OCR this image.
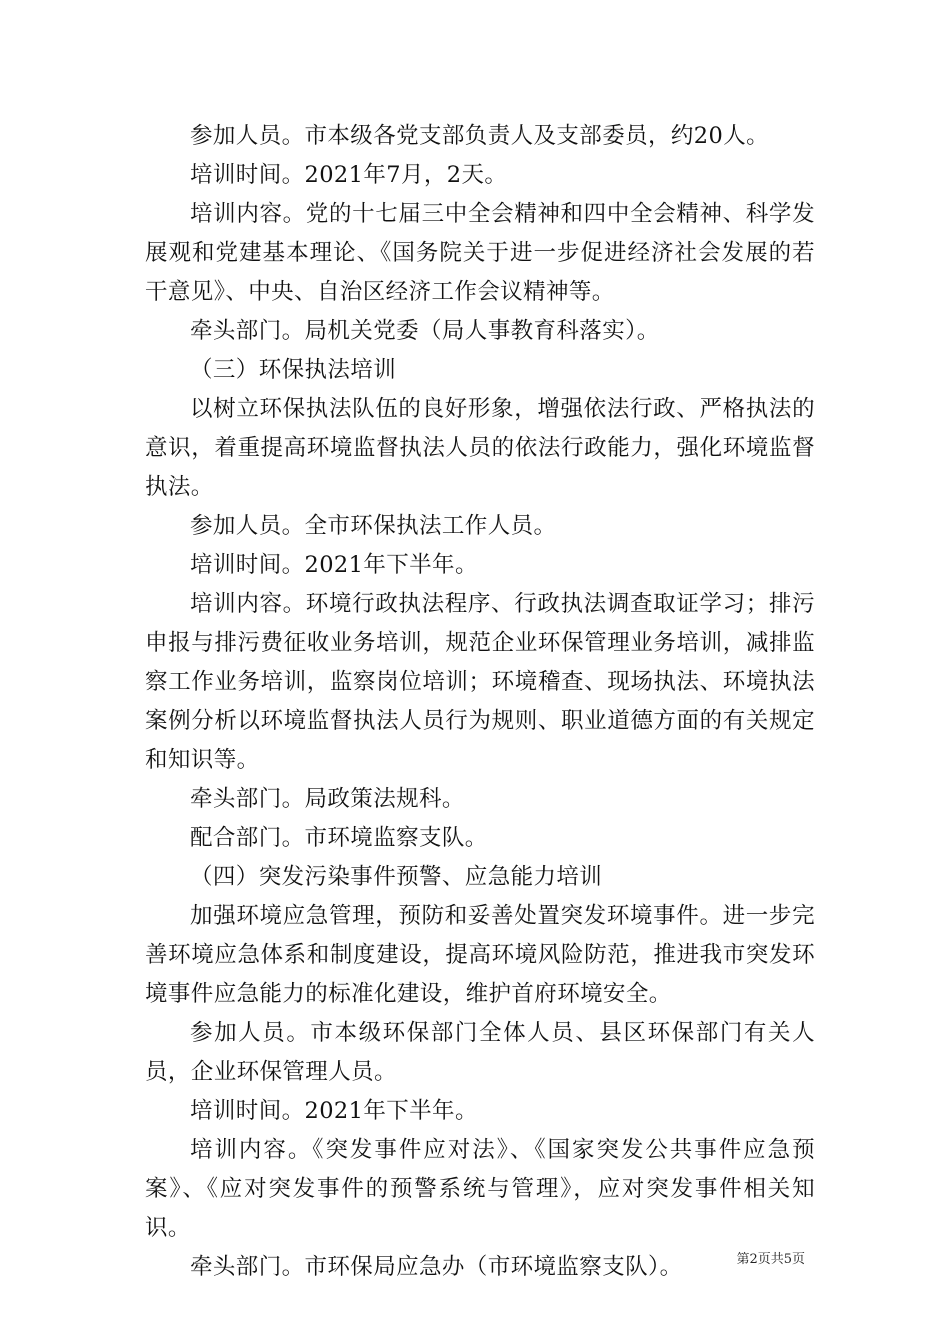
参加人员。市本级各党支部负责人及支部委员，约20人。

培训时间。2021年7月，2天。

培训内容。党的十七届三中全会精神和四中全会精神、科学发展观和党建基本理论、《国务院关于进一步促进经济社会发展的若干意见》、中央、自治区经济工作会议精神等。

牵头部门。局机关党委（局人事教育科落实）。

（三）环保执法培训

以树立环保执法队伍的良好形象，增强依法行政、严格执法的意识，着重提高环境监督执法人员的依法行政能力，强化环境监督执法。

参加人员。全市环保执法工作人员。

培训时间。2021年下半年。

培训内容。环境行政执法程序、行政执法调查取证学习；排污申报与排污费征收业务培训，规范企业环保管理业务培训，减排监察工作业务培训，监察岗位培训；环境稽查、现场执法、环境执法案例分析以环境监督执法人员行为规则、职业道德方面的有关规定和知识等。

牵头部门。局政策法规科。

配合部门。市环境监察支队。

（四）突发污染事件预警、应急能力培训

加强环境应急管理，预防和妥善处置突发环境事件。进一步完善环境应急体系和制度建设，提高环境风险防范，推进我市突发环境事件应急能力的标准化建设，维护首府环境安全。

参加人员。市本级环保部门全体人员、县区环保部门有关人员，企业环保管理人员。

培训时间。2021年下半年。

培训内容。《突发事件应对法》、《国家突发公共事件应急预案》、《应对突发事件的预警系统与管理》，应对突发事件相关知识。

牵头部门。市环保局应急办（市环境监察支队）。	第2页共5页
